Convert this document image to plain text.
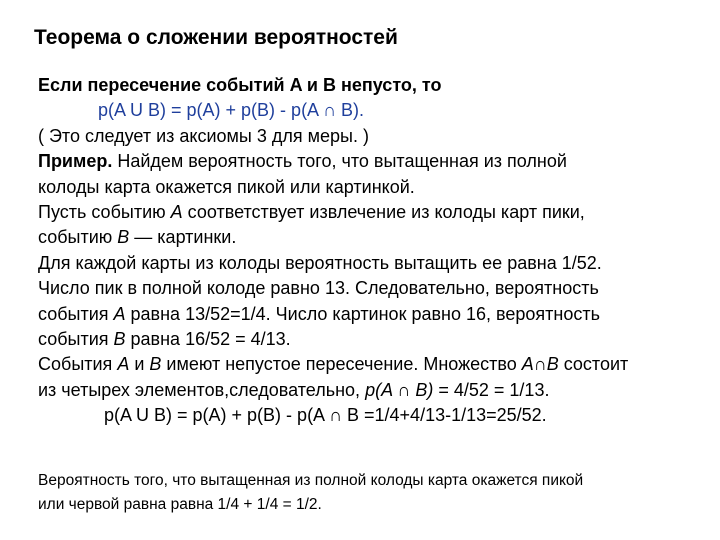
Теорема о сложении вероятностей
Если пересечение событий A и B непусто, то
p(A U B) = p(A) + p(B) - p(A ∩ B).
( Это следует из аксиомы 3 для меры. )
Пример. Найдем вероятность того, что вытащенная из полной
колоды карта окажется пикой или картинкой.
Пусть событию A соответствует извлечение из колоды карт пики,
событию B — картинки.
Для каждой карты из колоды вероятность вытащить ее равна 1/52.
Число пик в полной колоде равно 13. Следовательно, вероятность
события A равна 13/52=1/4. Число картинок равно 16, вероятность
события B равна 16/52 = 4/13.
События A и B имеют непустое пересечение. Множество A∩B состоит
из четырех элементов,следовательно, p(A ∩ B) = 4/52 = 1/13.
p(A U B) = p(A) + p(B) - p(A ∩ B =1/4+4/13-1/13=25/52.
Вероятность того, что вытащенная из полной колоды карта окажется пикой
или червой равна равна 1/4 + 1/4 = 1/2.
